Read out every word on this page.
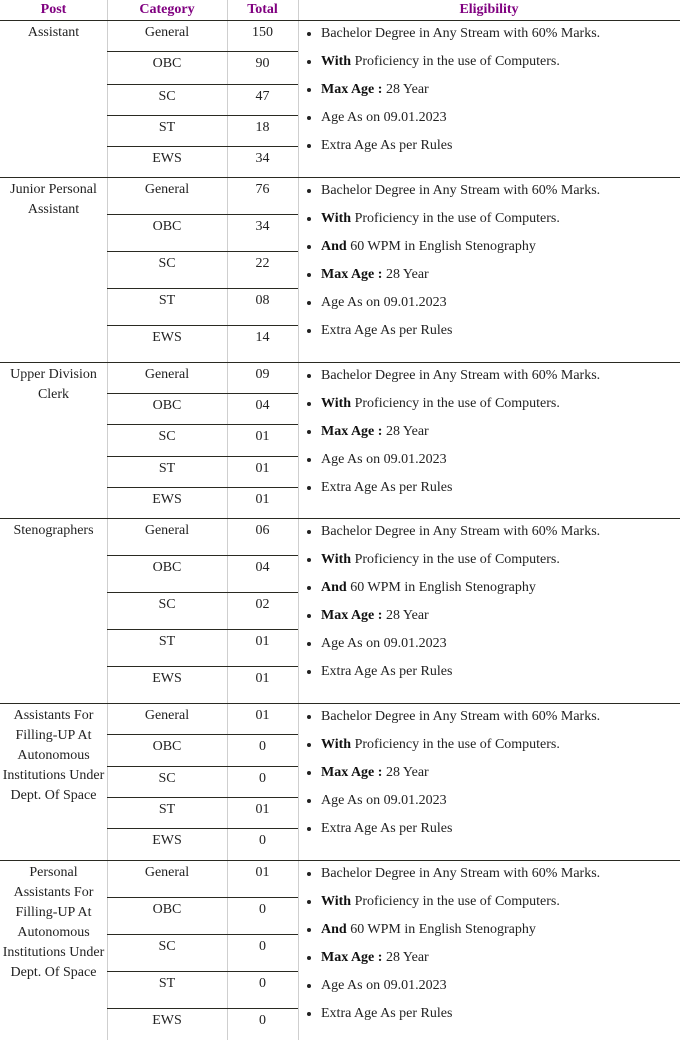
Post	Category	Total	Eligibility
Assistant	General	150
OBC	90
SC	47
ST	18
EWS	34
• Bachelor Degree in Any Stream with 60% Marks.
• With Proficiency in the use of Computers.
• Max Age : 28 Year
• Age As on 09.01.2023
• Extra Age As per Rules
Junior Personal Assistant
General	76
OBC	34
SC	22
ST	08
EWS	14
• Bachelor Degree in Any Stream with 60% Marks.
• With Proficiency in the use of Computers.
• And 60 WPM in English Stenography
• Max Age : 28 Year
• Age As on 09.01.2023
• Extra Age As per Rules
Upper Division Clerk
General	09
OBC	04
SC	01
ST	01
EWS	01
• Bachelor Degree in Any Stream with 60% Marks.
• With Proficiency in the use of Computers.
• Max Age : 28 Year
• Age As on 09.01.2023
• Extra Age As per Rules
Stenographers	General	06
OBC	04
SC	02
ST	01
EWS	01
• Bachelor Degree in Any Stream with 60% Marks.
• With Proficiency in the use of Computers.
• And 60 WPM in English Stenography
• Max Age : 28 Year
• Age As on 09.01.2023
• Extra Age As per Rules
Assistants For Filling-UP At Autonomous Institutions Under Dept. Of Space
General	01
OBC	0
SC	0
ST	01
EWS	0
• Bachelor Degree in Any Stream with 60% Marks.
• With Proficiency in the use of Computers.
• Max Age : 28 Year
• Age As on 09.01.2023
• Extra Age As per Rules
Personal Assistants For Filling-UP At Autonomous Institutions Under Dept. Of Space
General	01
OBC	0
SC	0
ST	0
EWS	0
• Bachelor Degree in Any Stream with 60% Marks.
• With Proficiency in the use of Computers.
• And 60 WPM in English Stenography
• Max Age : 28 Year
• Age As on 09.01.2023
• Extra Age As per Rules
